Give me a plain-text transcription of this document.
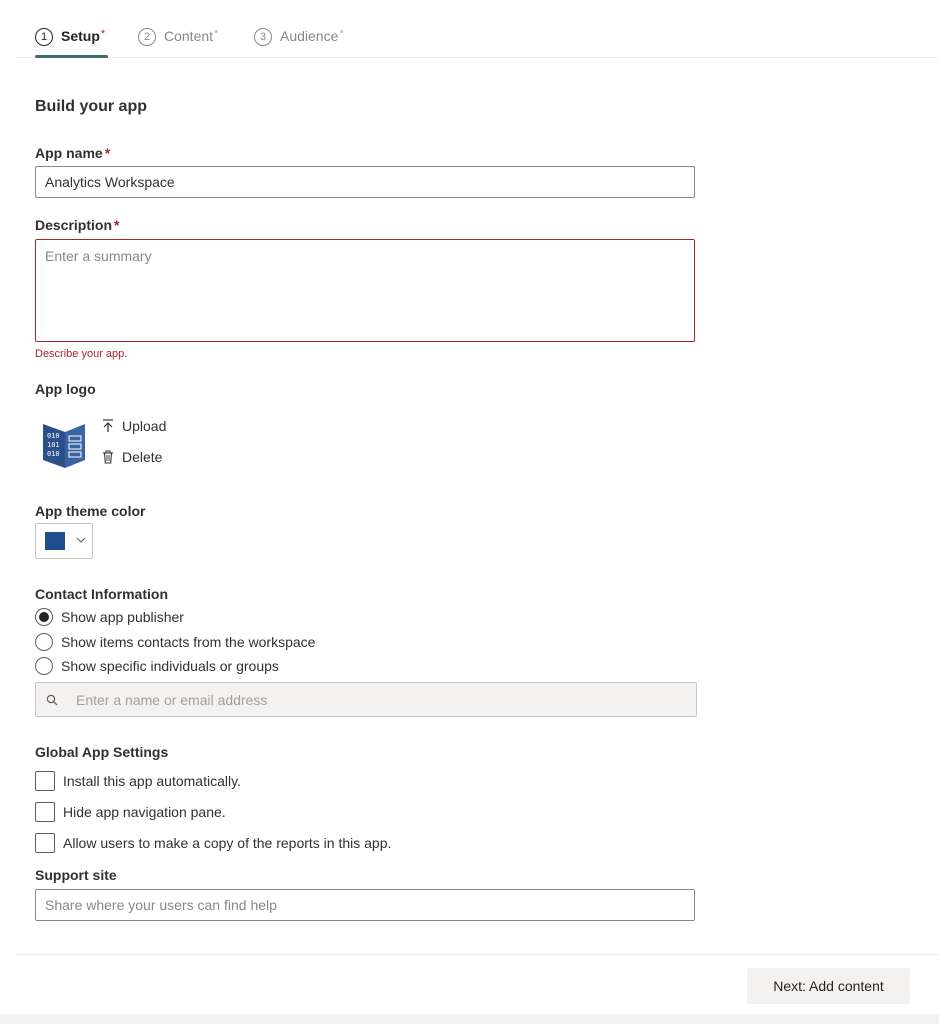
1 Setup*	2 Content*	3 Audience*
Build your app
App name *
Analytics Workspace
Description *
Enter a summary
Describe your app.
App logo
010
101
010
Upload
Delete
App theme color
Contact Information
Show app publisher
Show items contacts from the workspace
Show specific individuals or groups
Enter a name or email address
Global App Settings
Install this app automatically.
Hide app navigation pane.
Allow users to make a copy of the reports in this app.
Support site
Share where your users can find help
Next: Add content
